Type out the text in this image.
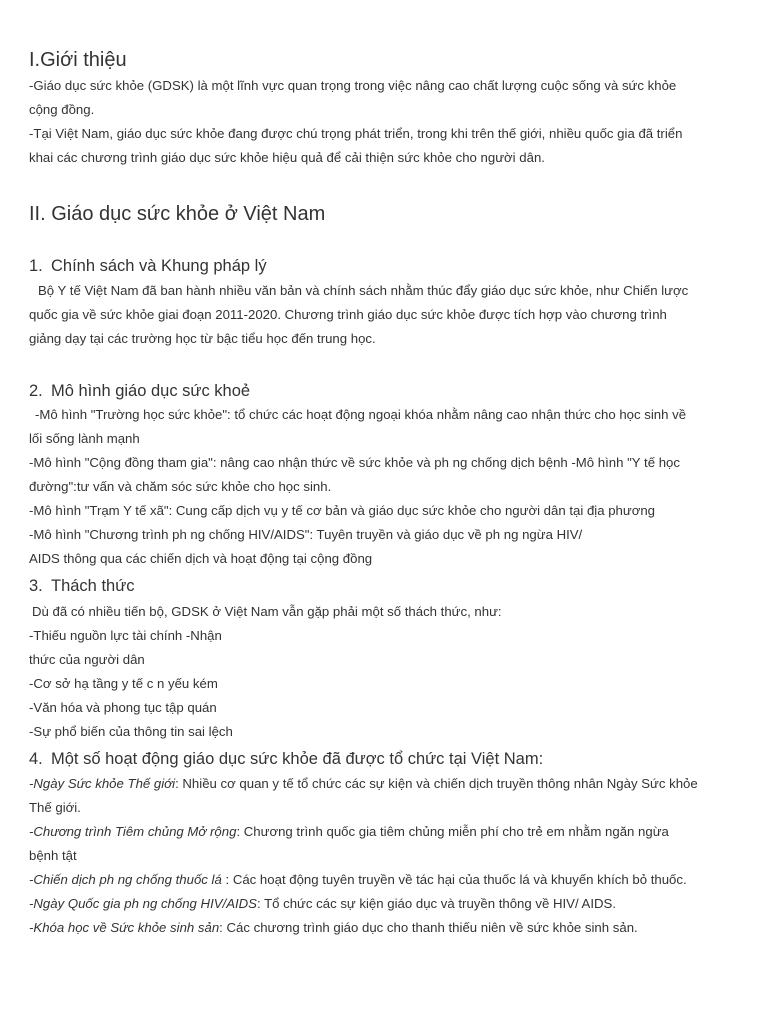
I.Giới thiệu
-Giáo dục sức khỏe (GDSK) là một lĩnh vực quan trọng trong việc nâng cao chất lượng cuộc sống và sức khỏe
cộng đồng.
-Tại Việt Nam, giáo dục sức khỏe đang được chú trọng phát triển, trong khi trên thế giới, nhiều quốc gia đã triển
khai các chương trình giáo dục sức khỏe hiệu quả để cải thiện sức khỏe cho người dân.
II. Giáo dục sức khỏe ở Việt Nam
1. Chính sách và Khung pháp lý
Bộ Y tế Việt Nam đã ban hành nhiều văn bản và chính sách nhằm thúc đẩy giáo dục sức khỏe, như Chiến lược
quốc gia về sức khỏe giai đoạn 2011-2020. Chương trình giáo dục sức khỏe được tích hợp vào chương trình
giảng dạy tại các trường học từ bậc tiểu học đến trung học.
2. Mô hình giáo dục sức khoẻ
-Mô hình "Trường học sức khỏe": tổ chức các hoạt động ngoại khóa nhằm nâng cao nhận thức cho học sinh về
lối sống lành mạnh
-Mô hình "Cộng đồng tham gia": nâng cao nhận thức về sức khỏe và ph ng chống dịch bệnh -Mô hình "Y tế học
đường":tư vấn và chăm sóc sức khỏe cho học sinh.
-Mô hình "Trạm Y tế xã": Cung cấp dịch vụ y tế cơ bản và giáo dục sức khỏe cho người dân tại địa phương
-Mô hình "Chương trình ph ng chống HIV/AIDS": Tuyên truyền và giáo dục về ph ng ngừa HIV/
AIDS thông qua các chiến dịch và hoạt động tại cộng đồng
3. Thách thức
Dù đã có nhiều tiến bộ, GDSK ở Việt Nam vẫn gặp phải một số thách thức, như:
-Thiếu nguồn lực tài chính -Nhận
thức của người dân
-Cơ sở hạ tầng y tế c n yếu kém
-Văn hóa và phong tục tập quán
-Sự phổ biến của thông tin sai lệch
4. Một số hoạt động giáo dục sức khỏe đã được tổ chức tại Việt Nam:
-Ngày Sức khỏe Thế giới: Nhiều cơ quan y tế tổ chức các sự kiện và chiến dịch truyền thông nhân Ngày Sức khỏe
Thế giới.
-Chương trình Tiêm chủng Mở rộng: Chương trình quốc gia tiêm chủng miễn phí cho trẻ em nhằm ngăn ngừa
bệnh tật
-Chiến dịch ph ng chống thuốc lá : Các hoạt động tuyên truyền về tác hại của thuốc lá và khuyến khích bỏ thuốc.
-Ngày Quốc gia ph ng chống HIV/AIDS: Tổ chức các sự kiện giáo dục và truyền thông về HIV/ AIDS.
-Khóa học về Sức khỏe sinh sản: Các chương trình giáo dục cho thanh thiếu niên về sức khỏe sinh sản.
